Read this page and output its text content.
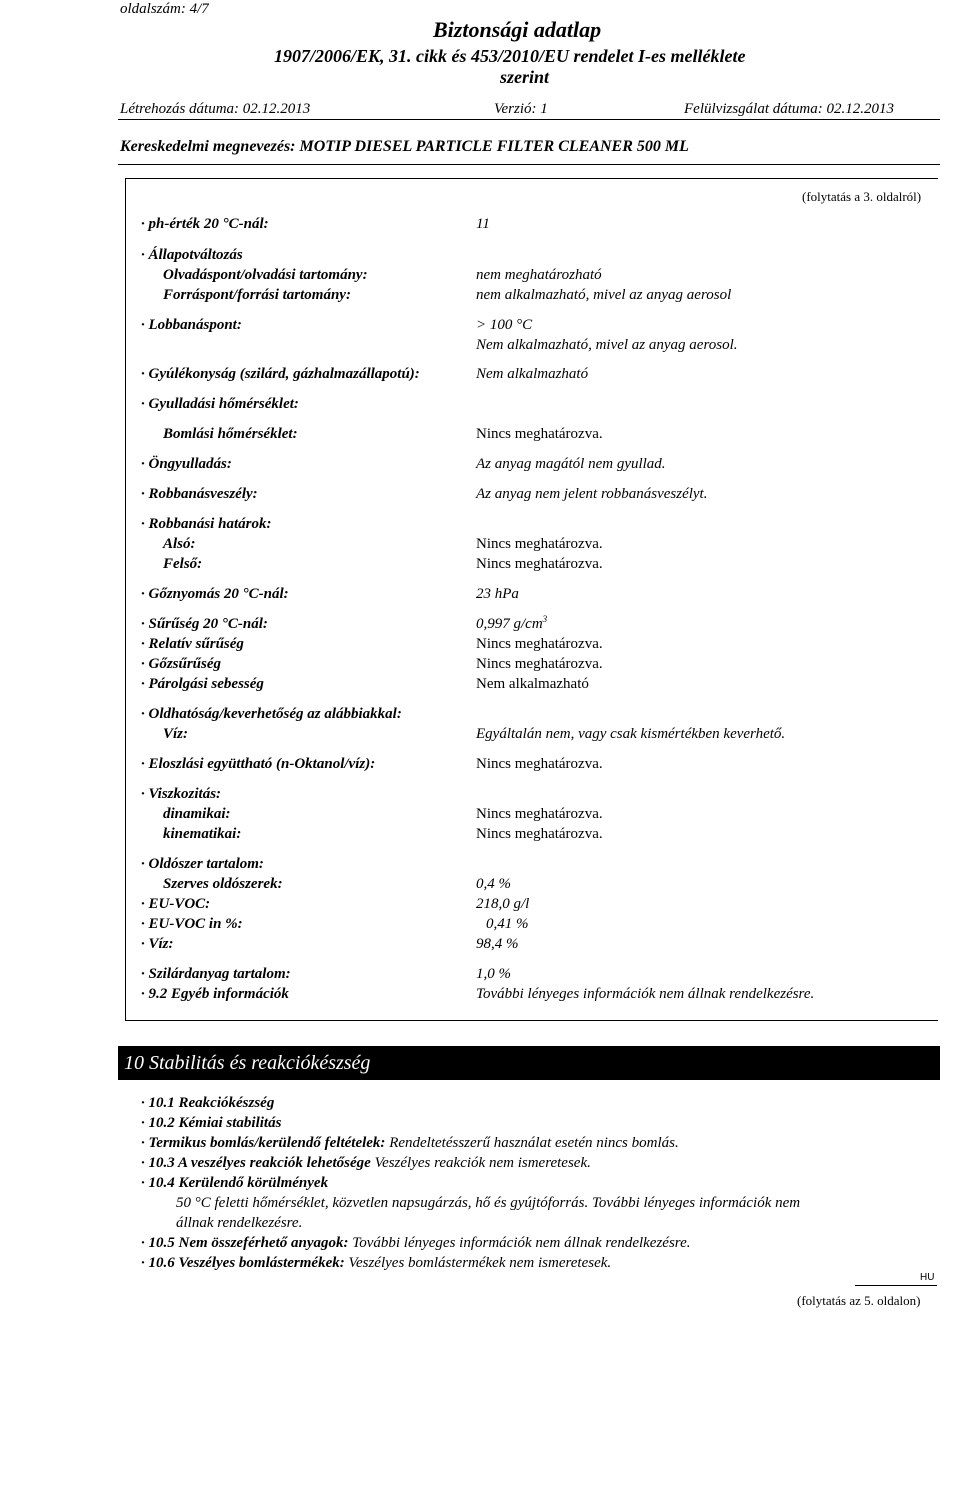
oldalszám: 4/7
Biztonsági adatlap
1907/2006/EK, 31. cikk és 453/2010/EU rendelet I-es melléklete
szerint
Létrehozás dátuma: 02.12.2013	Verzió: 1	Felülvizsgálat dátuma: 02.12.2013
Kereskedelmi megnevezés: MOTIP DIESEL PARTICLE FILTER CLEANER 500 ML
(folytatás a 3. oldalról)
· ph-érték 20 °C-nál:	11
· Állapotváltozás
Olvadáspont/olvadási tartomány:	nem meghatározható
Forráspont/forrási tartomány:	nem alkalmazható, mivel az anyag aerosol
· Lobbanáspont:	> 100 °C
Nem alkalmazható, mivel az anyag aerosol.
· Gyúlékonyság (szilárd, gázhalmazállapotú):	Nem alkalmazható
· Gyulladási hőmérséklet:
Bomlási hőmérséklet:	Nincs meghatározva.
· Öngyulladás:	Az anyag magától nem gyullad.
· Robbanásveszély:	Az anyag nem jelent robbanásveszélyt.
· Robbanási határok:
Alsó:	Nincs meghatározva.
Felső:	Nincs meghatározva.
· Gőznyomás 20 °C-nál:	23 hPa
· Sűrűség 20 °C-nál:	0,997 $g/cm^3$
· Relatív sűrűség	Nincs meghatározva.
· Gőzsűrűség	Nincs meghatározva.
· Párolgási sebesség	Nem alkalmazható
· Oldhatóság/keverhetőség az alábbiakkal:
Víz:	Egyáltalán nem, vagy csak kismértékben keverhető.
· Eloszlási együttható (n-Oktanol/víz):	Nincs meghatározva.
· Viszkozitás:
dinamikai:	Nincs meghatározva.
kinematikai:	Nincs meghatározva.
· Oldószer tartalom:
Szerves oldószerek:	0,4 %
· EU-VOC:	218,0 g/l
· EU-VOC in %:	0,41 %
· Víz:	98,4 %
· Szilárdanyag tartalom:	1,0 %
· 9.2 Egyéb információk	További lényeges információk nem állnak rendelkezésre.
10 Stabilitás és reakciókészség
· 10.1 Reakciókészség
· 10.2 Kémiai stabilitás
· Termikus bomlás/kerülendő feltételek: Rendeltetésszerű használat esetén nincs bomlás.
· 10.3 A veszélyes reakciók lehetősége Veszélyes reakciók nem ismeretesek.
· 10.4 Kerülendő körülmények
50 °C feletti hőmérséklet, közvetlen napsugárzás, hő és gyújtóforrás. További lényeges információk nem
állnak rendelkezésre.
· 10.5 Nem összeférhető anyagok: További lényeges információk nem állnak rendelkezésre.
· 10.6 Veszélyes bomlástermékek: Veszélyes bomlástermékek nem ismeretesek.
HU
(folytatás az 5. oldalon)
